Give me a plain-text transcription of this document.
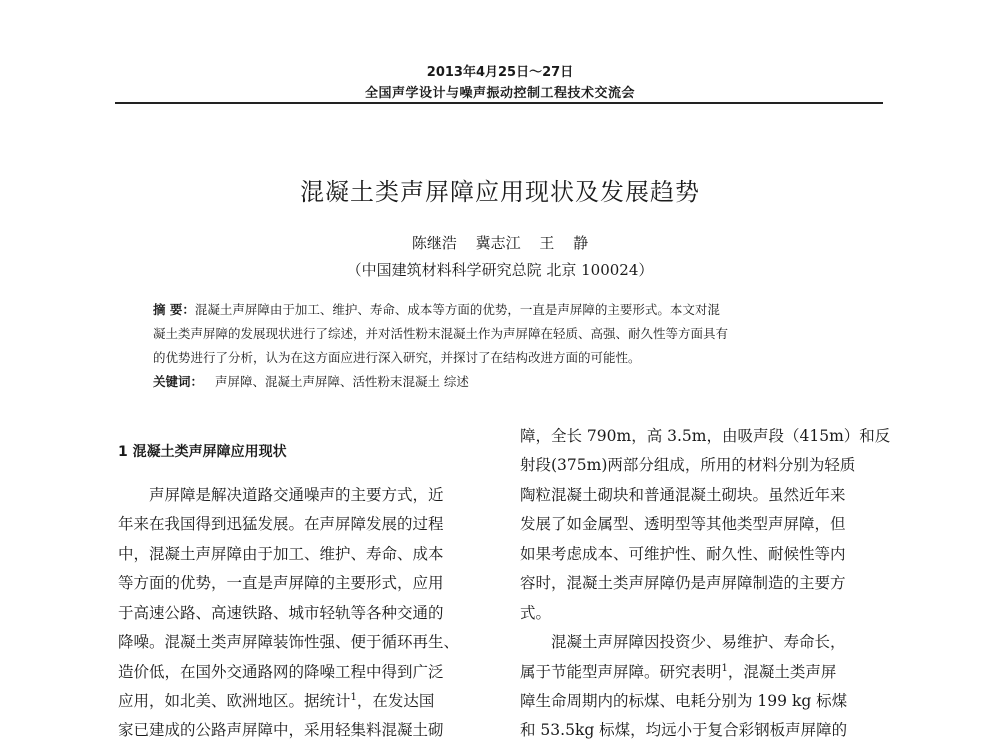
2013年4月25日～27日
全国声学设计与噪声振动控制工程技术交流会
混凝土类声屏障应用现状及发展趋势
陈继浩 冀志江 王 静
（中国建筑材料科学研究总院 北京 100024）
摘 要：混凝土声屏障由于加工、维护、寿命、成本等方面的优势，一直是声屏障的主要形式。本文对混
凝土类声屏障的发展现状进行了综述，并对活性粉末混凝土作为声屏障在轻质、高强、耐久性等方面具有
的优势进行了分析，认为在这方面应进行深入研究，并探讨了在结构改进方面的可能性。
关键词： 声屏障、混凝土声屏障、活性粉末混凝土 综述
1 混凝土类声屏障应用现状
　　声屏障是解决道路交通噪声的主要方式，近
年来在我国得到迅猛发展。在声屏障发展的过程
中，混凝土声屏障由于加工、维护、寿命、成本
等方面的优势，一直是声屏障的主要形式，应用
于高速公路、高速铁路、城市轻轨等各种交通的
降噪。混凝土类声屏障装饰性强、便于循环再生、
造价低，在国外交通路网的降噪工程中得到广泛
应用，如北美、欧洲地区。据统计$^1$，在发达国
家已建成的公路声屏障中，采用轻集料混凝土砌
障，全长 790m，高 3.5m，由吸声段（415m）和反
射段(375m)两部分组成，所用的材料分别为轻质
陶粒混凝土砌块和普通混凝土砌块。虽然近年来
发展了如金属型、透明型等其他类型声屏障，但
如果考虑成本、可维护性、耐久性、耐候性等内
容时，混凝土类声屏障仍是声屏障制造的主要方
式。
　　混凝土声屏障因投资少、易维护、寿命长，
属于节能型声屏障。研究表明$^1$，混凝土类声屏
障生命周期内的标煤、电耗分别为 199 kg 标煤
和 53.5kg 标煤，均远小于复合彩钢板声屏障的
